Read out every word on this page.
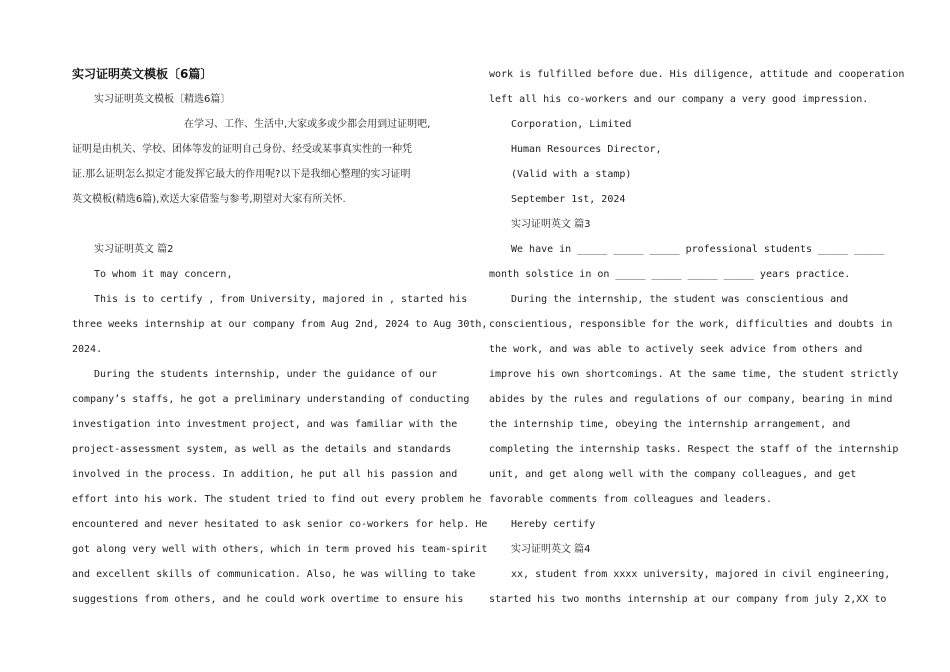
实习证明英文模板〔6篇〕
实习证明英文模板〔精选6篇〕
在学习、工作、生活中,大家或多或少都会用到过证明吧,
证明是由机关、学校、团体等发的证明自己身份、经受或某事真实性的一种凭
证.那么证明怎么拟定才能发挥它最大的作用呢?以下是我细心整理的实习证明
英文模板(精选6篇),欢送大家借鉴与参考,期望对大家有所关怀.
实习证明英文 篇2
To whom it may concern,
This is to certify , from University, majored in , started his
three weeks internship at our company from Aug 2nd, 2024 to Aug 30th,
2024.
During the students internship, under the guidance of our
company’s staffs, he got a preliminary understanding of conducting
investigation into investment project, and was familiar with the
project-assessment system, as well as the details and standards
involved in the process. In addition, he put all his passion and
effort into his work. The student tried to find out every problem he
encountered and never hesitated to ask senior co-workers for help. He
got along very well with others, which in term proved his team-spirit
and excellent skills of communication. Also, he was willing to take
suggestions from others, and he could work overtime to ensure his
work is fulfilled before due. His diligence, attitude and cooperation
left all his co-workers and our company a very good impression.
Corporation, Limited
Human Resources Director,
(Valid with a stamp)
September 1st, 2024
实习证明英文 篇3
We have in _____ _____ _____ professional students _____ _____
month solstice in on _____ _____ _____ _____ years practice.
During the internship, the student was conscientious and
conscientious, responsible for the work, difficulties and doubts in
the work, and was able to actively seek advice from others and
improve his own shortcomings. At the same time, the student strictly
abides by the rules and regulations of our company, bearing in mind
the internship time, obeying the internship arrangement, and
completing the internship tasks. Respect the staff of the internship
unit, and get along well with the company colleagues, and get
favorable comments from colleagues and leaders.
Hereby certify
实习证明英文 篇4
xx, student from xxxx university, majored in civil engineering,
started his two months internship at our company from july 2,XX to
